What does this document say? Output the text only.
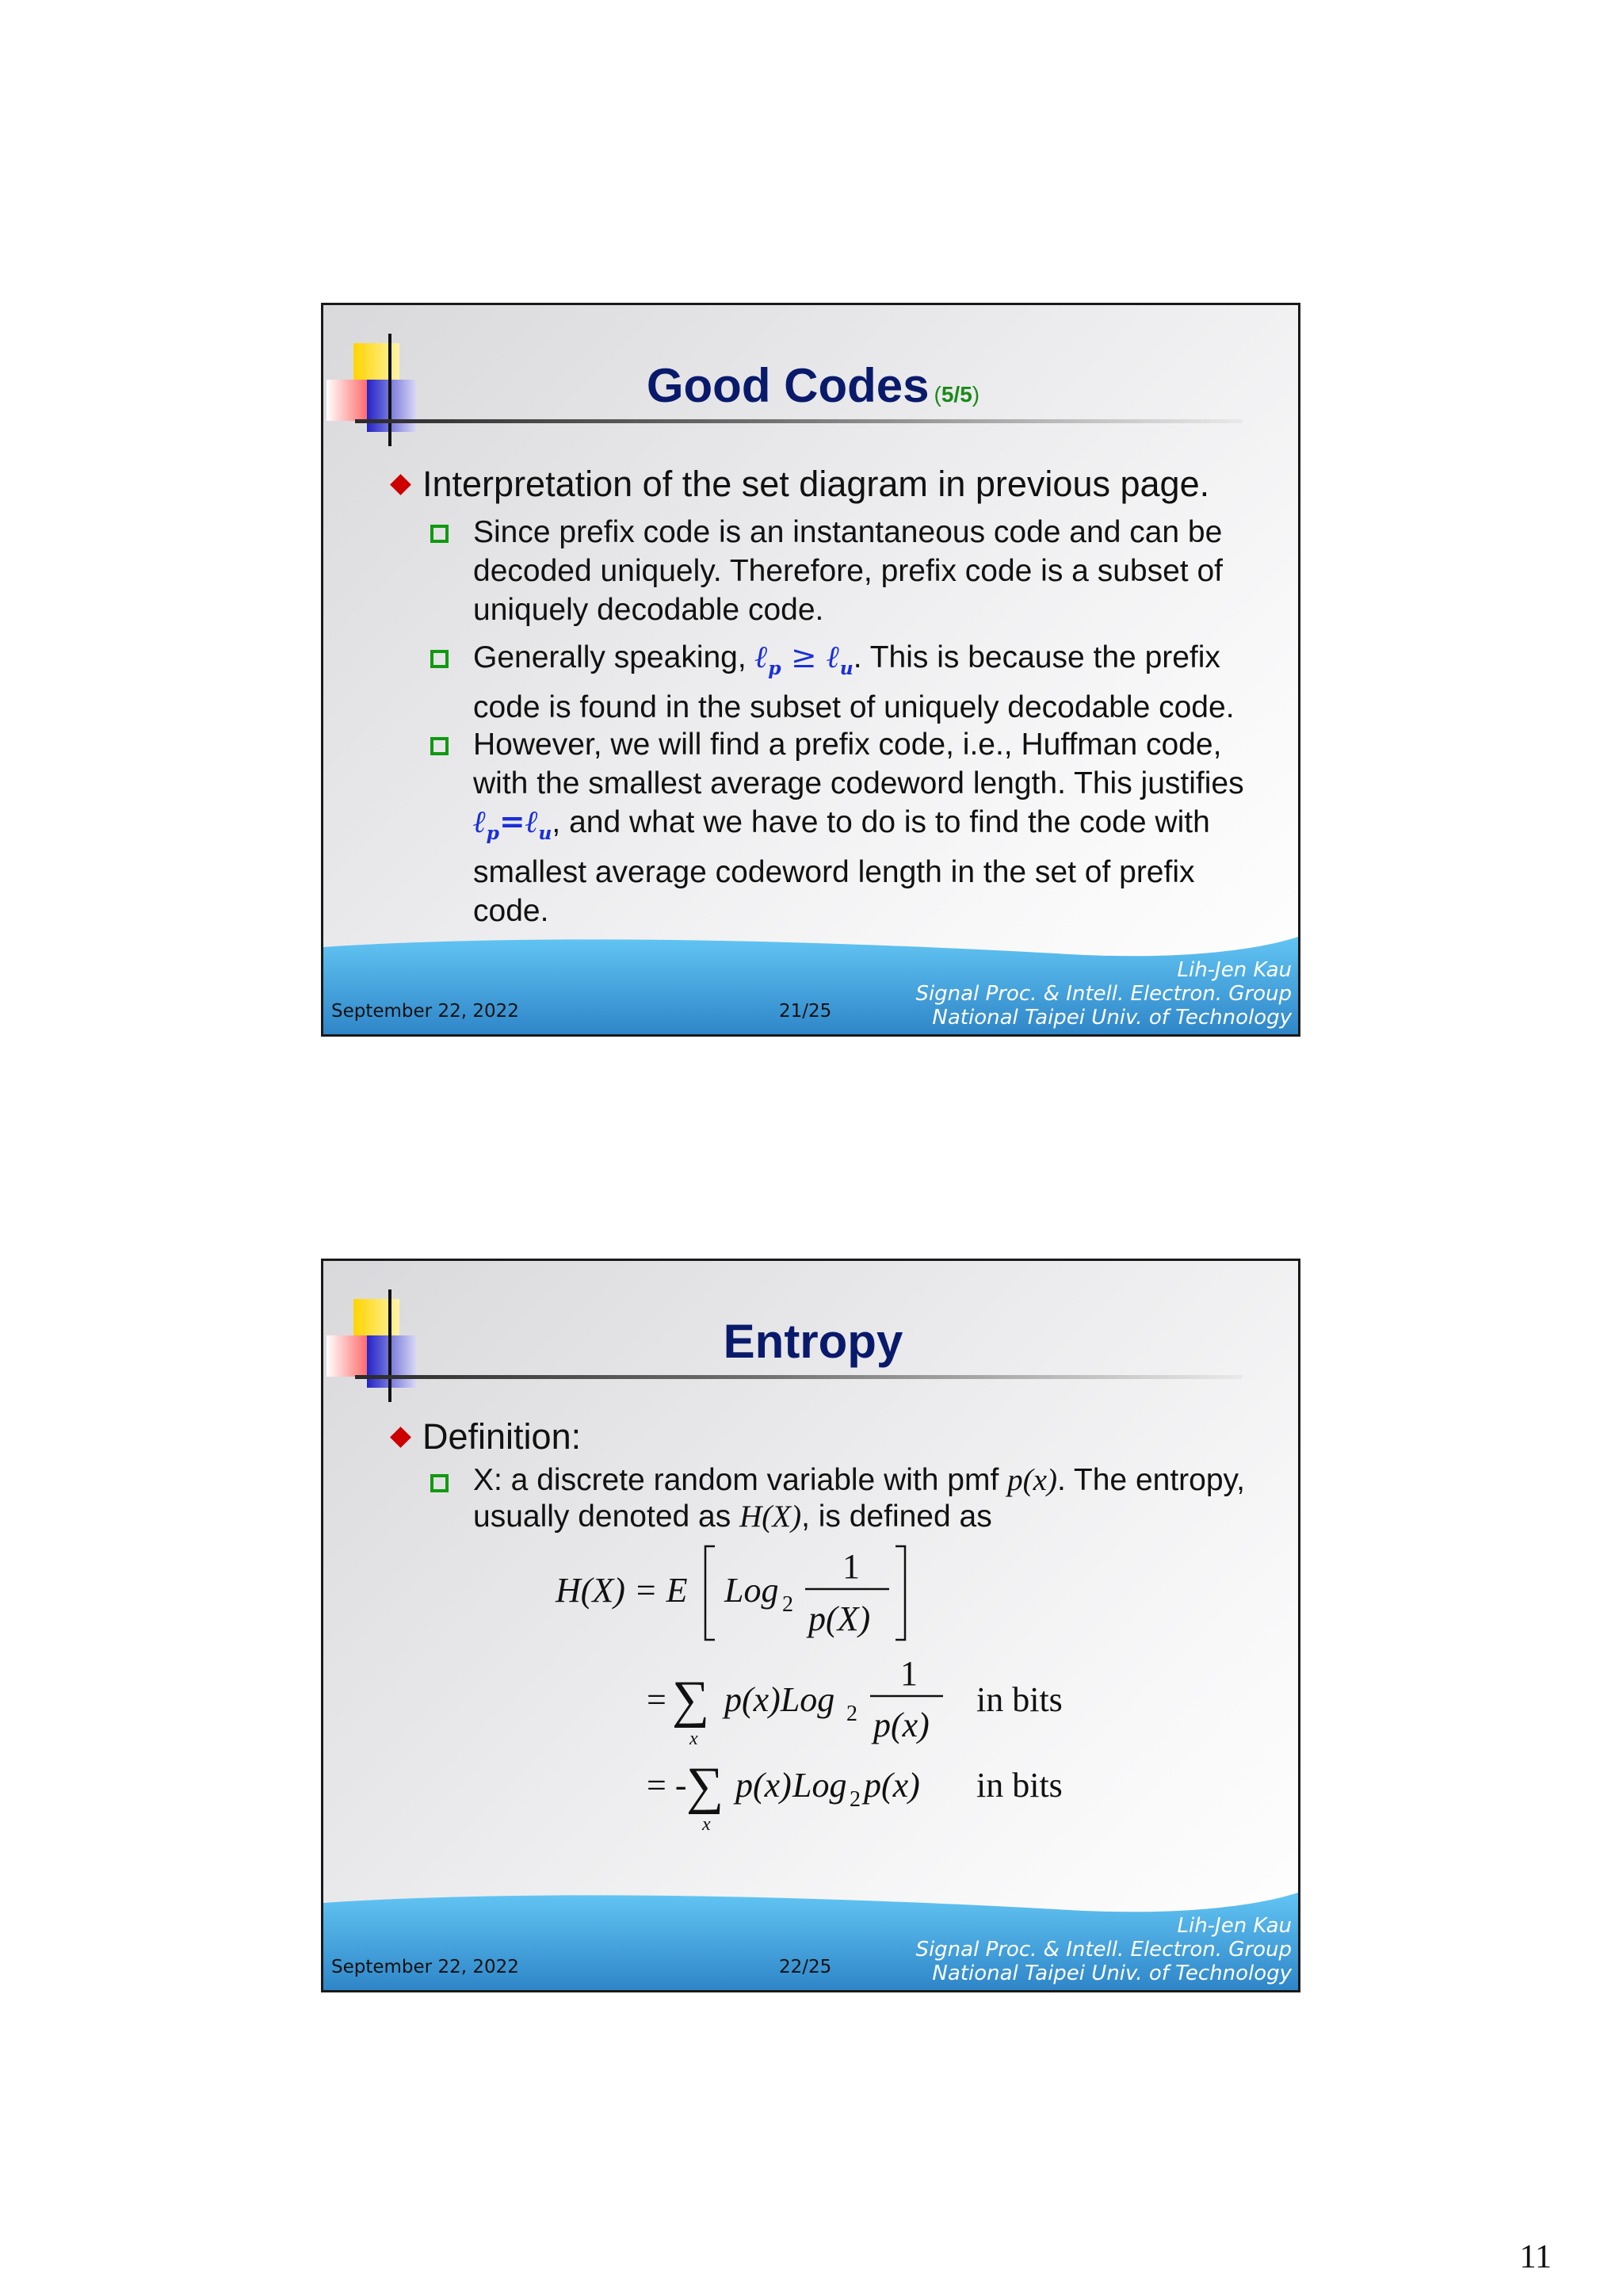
Good Codes (5/5)
Interpretation of the set diagram in previous page.
Since prefix code is an instantaneous code and can be decoded uniquely. Therefore, prefix code is a subset of uniquely decodable code.
Generally speaking, ℓ$_p$ ≥ ℓ$_u$. This is because the prefix code is found in the subset of uniquely decodable code.
However, we will find a prefix code, i.e., Huffman code, with the smallest average codeword length. This justifies ℓ$_p$=ℓ$_u$, and what we have to do is to find the code with smallest average codeword length in the set of prefix code.
September 22, 2022	21/25
Lih-Jen Kau
Signal Proc. & Intell. Electron. Group
National Taipei Univ. of Technology
Entropy
Definition:
X: a discrete random variable with pmf p(x). The entropy, usually denoted as H(X), is defined as
H(X) = E Log 2
1
p(X)
= ∑
x
p(x)Log 2
1
p(x)
in bits
= - ∑
x
p(x) Log 2 p(x) in bits
September 22, 2022	22/25
Lih-Jen Kau
Signal Proc. & Intell. Electron. Group
National Taipei Univ. of Technology
11
